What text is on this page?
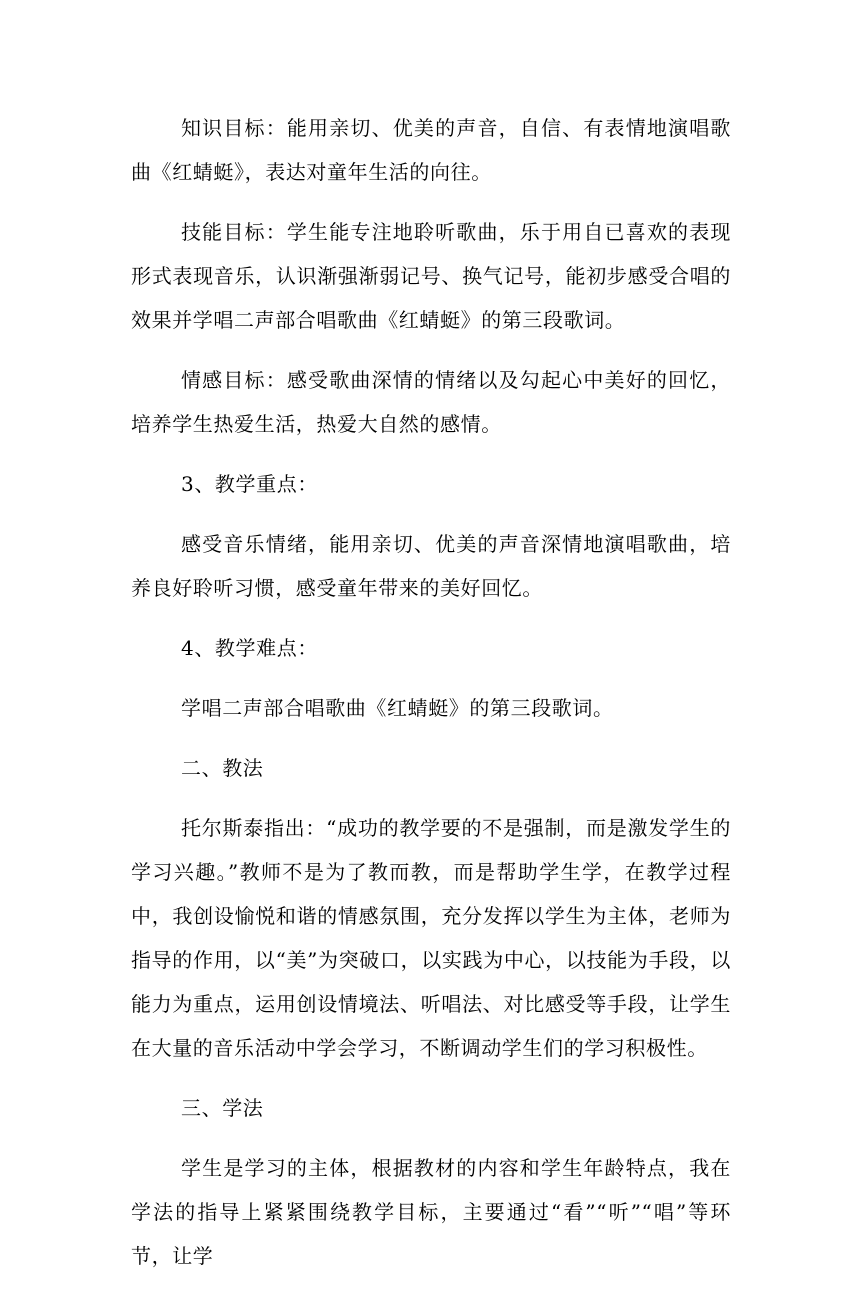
知识目标：能用亲切、优美的声音，自信、有表情地演唱歌曲《红蜻蜓》，表达对童年生活的向往。

技能目标：学生能专注地聆听歌曲，乐于用自已喜欢的表现形式表现音乐，认识渐强渐弱记号、换气记号，能初步感受合唱的效果并学唱二声部合唱歌曲《红蜻蜓》的第三段歌词。

情感目标：感受歌曲深情的情绪以及勾起心中美好的回忆，培养学生热爱生活，热爱大自然的感情。

3、教学重点：

感受音乐情绪，能用亲切、优美的声音深情地演唱歌曲，培养良好聆听习惯，感受童年带来的美好回忆。

4、教学难点：

学唱二声部合唱歌曲《红蜻蜓》的第三段歌词。

二、教法

托尔斯泰指出：“成功的教学要的不是强制，而是激发学生的学习兴趣。”教师不是为了教而教，而是帮助学生学，在教学过程中，我创设愉悦和谐的情感氛围，充分发挥以学生为主体，老师为指导的作用，以“美”为突破口，以实践为中心，以技能为手段，以能力为重点，运用创设情境法、听唱法、对比感受等手段，让学生在大量的音乐活动中学会学习，不断调动学生们的学习积极性。

三、学法

学生是学习的主体，根据教材的内容和学生年龄特点，我在学法的指导上紧紧围绕教学目标，主要通过“看”“听”“唱”等环节，让学
